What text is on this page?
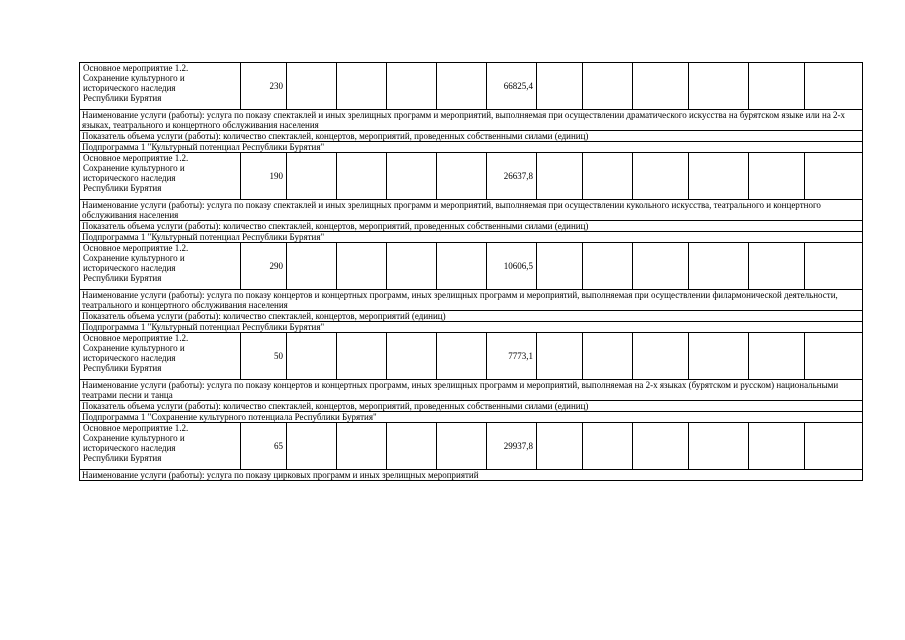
Основное мероприятие 1.2.
Сохранение культурного и
исторического наследия
Республики Бурятия	230					66825,4						
Наименование услуги (работы): услуга по показу спектаклей и иных зрелищных программ и мероприятий, выполняемая при осуществлении драматического искусства на бурятском языке или на 2-х языках, театрального и концертного обслуживания населения												
Показатель объема услуги (работы): количество спектаклей, концертов, мероприятий, проведенных собственными силами (единиц)												
Подпрограмма 1 "Культурный потенциал Республики Бурятия"												

Основное мероприятие 1.2.
Сохранение культурного и
исторического наследия
Республики Бурятия	190					26637,8						
Наименование услуги (работы): услуга по показу спектаклей и иных зрелищных программ и мероприятий, выполняемая при осуществлении кукольного искусства, театрального и концертного обслуживания населения												
Показатель объема услуги (работы): количество спектаклей, концертов, мероприятий, проведенных собственными силами (единиц)												
Подпрограмма 1 "Культурный потенциал Республики Бурятия"												

Основное мероприятие 1.2.
Сохранение культурного и
исторического наследия
Республики Бурятия	290					10606,5						
Наименование услуги (работы): услуга по показу концертов и концертных программ, иных зрелищных программ и мероприятий, выполняемая при осуществлении филармонической деятельности, театрального и концертного обслуживания населения												
Показатель объема услуги (работы): количество спектаклей, концертов, мероприятий (единиц)												
Подпрограмма 1 "Культурный потенциал Республики Бурятия"												

Основное мероприятие 1.2.
Сохранение культурного и
исторического наследия
Республики Бурятия	50					7773,1						
Наименование услуги (работы): услуга по показу концертов и концертных программ, иных зрелищных программ и мероприятий, выполняемая на 2-х языках (бурятском и русском) национальными театрами песни и танца												
Показатель объема услуги (работы): количество спектаклей, концертов, мероприятий, проведенных собственными силами (единиц)												
Подпрограмма 1 "Сохранение культурного потенциала Республики Бурятия"												

Основное мероприятие 1.2.
Сохранение культурного и
исторического наследия
Республики Бурятия	65					29937,8						
Наименование услуги (работы): услуга по показу цирковых программ и иных зрелищных мероприятий												
